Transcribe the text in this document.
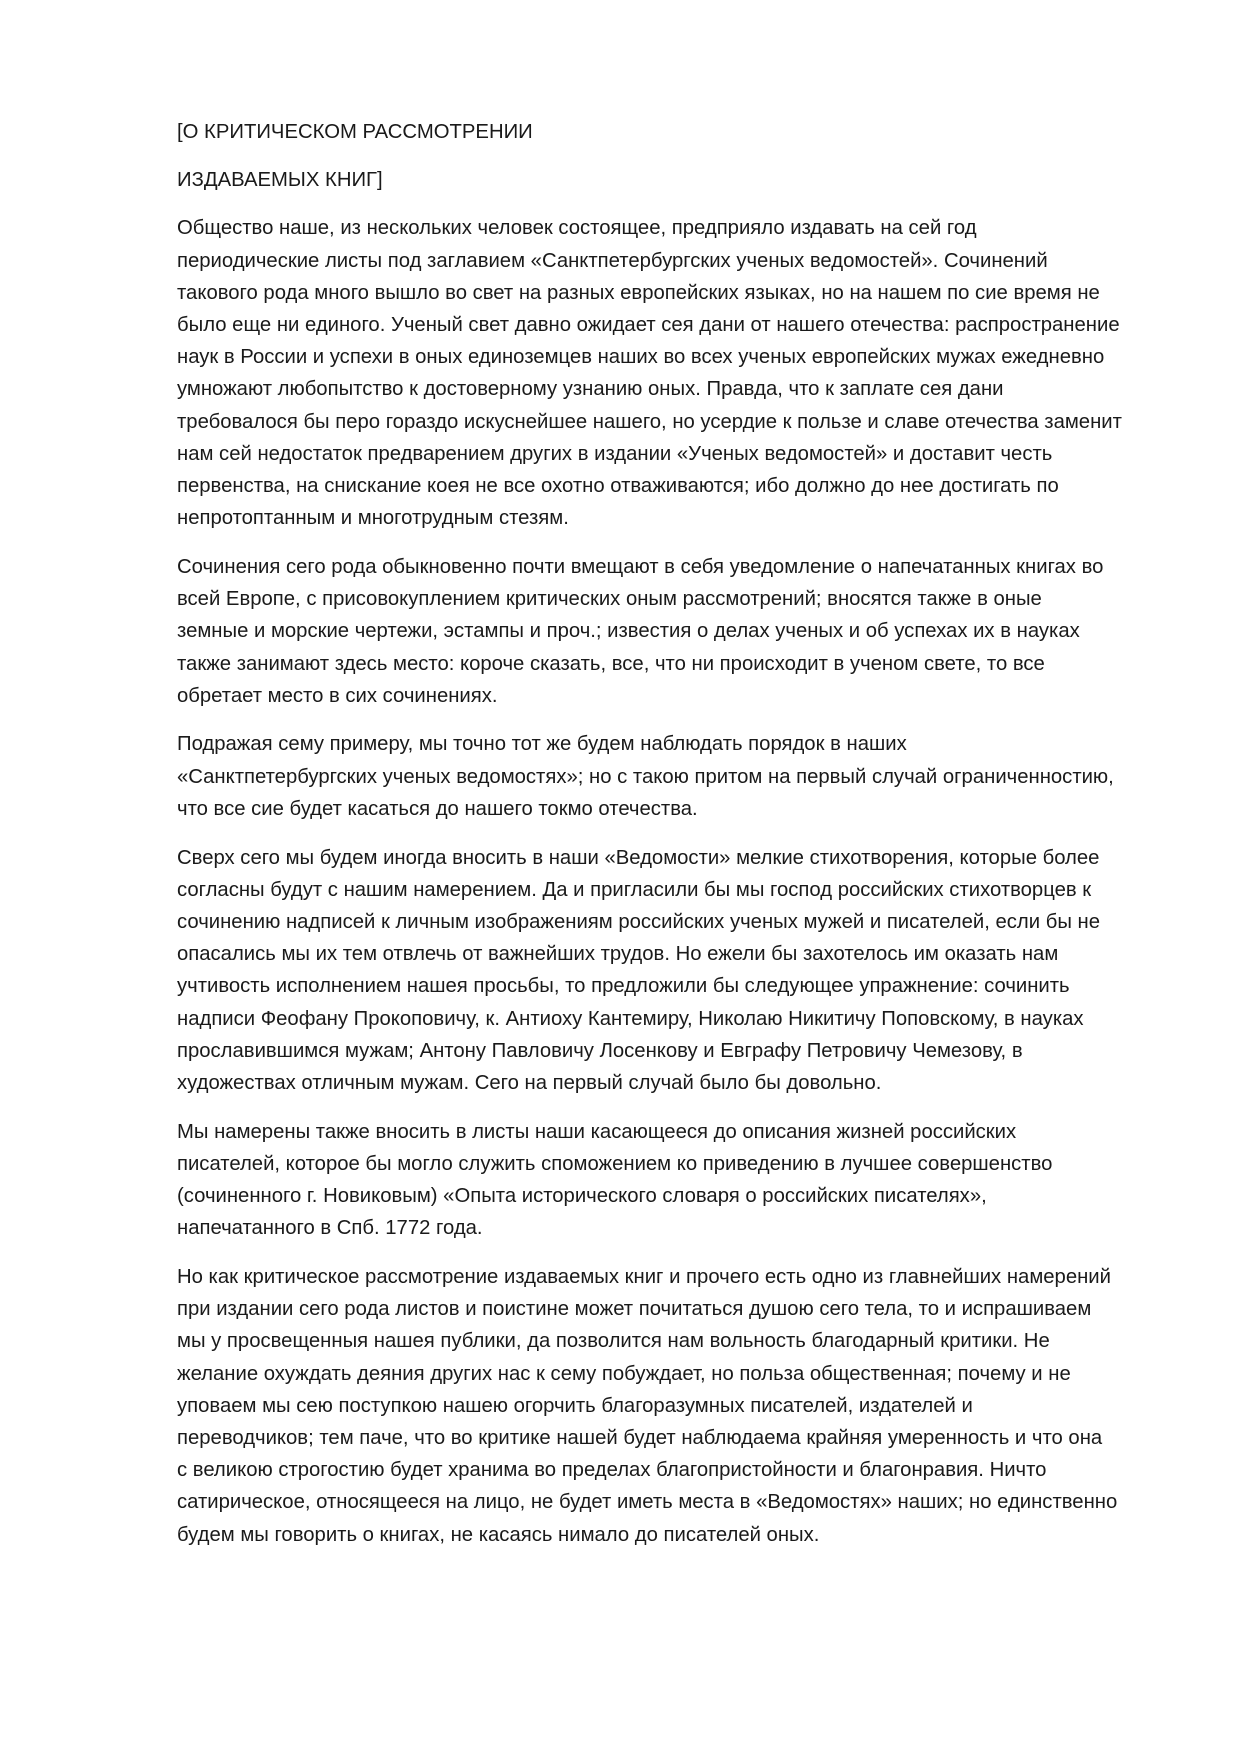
[О КРИТИЧЕСКОМ РАССМОТРЕНИИ
ИЗДАВАЕМЫХ КНИГ]
Общество наше, из нескольких человек состоящее, предприяло издавать на сей год
периодические листы под заглавием «Санктпетербургских ученых ведомостей». Сочинений
такового рода много вышло во свет на разных европейских языках, но на нашем по сие время не
было еще ни единого. Ученый свет давно ожидает сея дани от нашего отечества: распространение
наук в России и успехи в оных единоземцев наших во всех ученых европейских мужах ежедневно
умножают любопытство к достоверному узнанию оных. Правда, что к заплате сея дани
требовалося бы перо гораздо искуснейшее нашего, но усердие к пользе и славе отечества заменит
нам сей недостаток предварением других в издании «Ученых ведомостей» и доставит честь
первенства, на снискание коея не все охотно отваживаются; ибо должно до нее достигать по
непротоптанным и многотрудным стезям.
Сочинения сего рода обыкновенно почти вмещают в себя уведомление о напечатанных книгах во
всей Европе, с присовокуплением критических оным рассмотрений; вносятся также в оные
земные и морские чертежи, эстампы и проч.; известия о делах ученых и об успехах их в науках
также занимают здесь место: короче сказать, все, что ни происходит в ученом свете, то все
обретает место в сих сочинениях.
Подражая сему примеру, мы точно тот же будем наблюдать порядок в наших
«Санктпетербургских ученых ведомостях»; но с такою притом на первый случай ограниченностию,
что все сие будет касаться до нашего токмо отечества.
Сверх сего мы будем иногда вносить в наши «Ведомости» мелкие стихотворения, которые более
согласны будут с нашим намерением. Да и пригласили бы мы господ российских стихотворцев к
сочинению надписей к личным изображениям российских ученых мужей и писателей, если бы не
опасались мы их тем отвлечь от важнейших трудов. Но ежели бы захотелось им оказать нам
учтивость исполнением нашея просьбы, то предложили бы следующее упражнение: сочинить
надписи Феофану Прокоповичу, к. Антиоху Кантемиру, Николаю Никитичу Поповскому, в науках
прославившимся мужам; Антону Павловичу Лосенкову и Евграфу Петровичу Чемезову, в
художествах отличным мужам. Сего на первый случай было бы довольно.
Мы намерены также вносить в листы наши касающееся до описания жизней российских
писателей, которое бы могло служить споможением ко приведению в лучшее совершенство
(сочиненного г. Новиковым) «Опыта исторического словаря о российских писателях»,
напечатанного в Спб. 1772 года.
Но как критическое рассмотрение издаваемых книг и прочего есть одно из главнейших намерений
при издании сего рода листов и поистине может почитаться душою сего тела, то и испрашиваем
мы у просвещенныя нашея публики, да позволится нам вольность благодарный критики. Не
желание охуждать деяния других нас к сему побуждает, но польза общественная; почему и не
уповаем мы сею поступкою нашею огорчить благоразумных писателей, издателей и
переводчиков; тем паче, что во критике нашей будет наблюдаема крайняя умеренность и что она
с великою строгостию будет хранима во пределах благопристойности и благонравия. Ничто
сатирическое, относящееся на лицо, не будет иметь места в «Ведомостях» наших; но единственно
будем мы говорить о книгах, не касаясь нимало до писателей оных.
